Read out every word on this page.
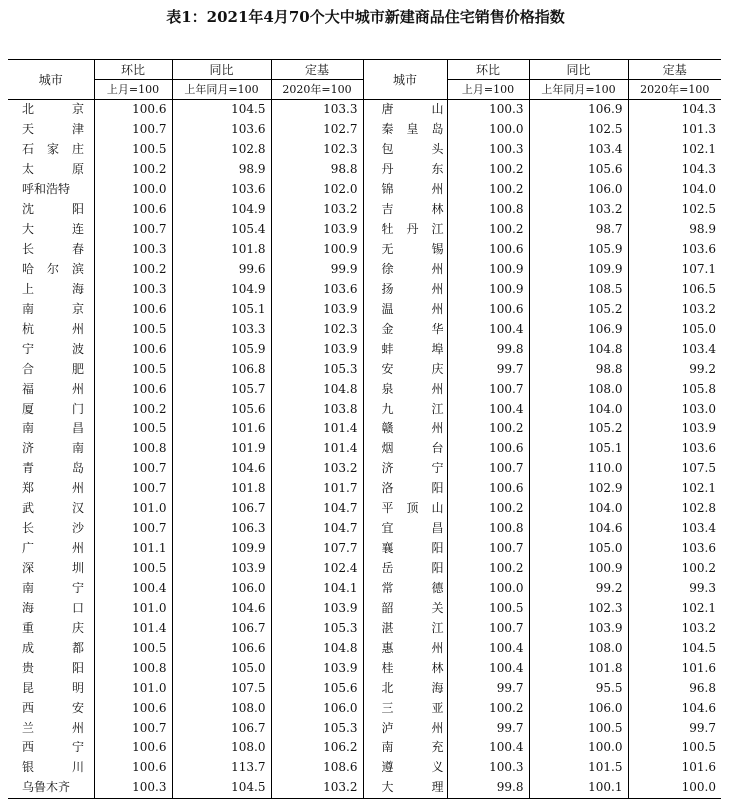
表1：2021年4月70个大中城市新建商品住宅销售价格指数
城市	环比	同比	定基	城市	环比	同比	定基
	上月=100	上年同月=100	2020年=100		上月=100	上年同月=100	2020年=100

北 京	100.6	104.5	103.3	唐 山	100.3	106.9	104.3

天 津	100.7	103.6	102.7	秦 皇 岛	100.0	102.5	101.3

石 家 庄	100.5	102.8	102.3	包 头	100.3	103.4	102.1

太 原	100.2	98.9	98.8	丹 东	100.2	105.6	104.3
呼和浩特	100.0	103.6	102.0	锦 州	100.2	106.0	104.0

沈 阳	100.6	104.9	103.2	吉 林	100.8	103.2	102.5

大 连	100.7	105.4	103.9	牡 丹 江	100.2	98.7	98.9

长 春	100.3	101.8	100.9	无 锡	100.6	105.9	103.6

哈 尔 滨	100.2	99.6	99.9	徐 州	100.9	109.9	107.1

上 海	100.3	104.9	103.6	扬 州	100.9	108.5	106.5

南 京	100.6	105.1	103.9	温 州	100.6	105.2	103.2

杭 州	100.5	103.3	102.3	金 华	100.4	106.9	105.0

宁 波	100.6	105.9	103.9	蚌 埠	99.8	104.8	103.4

合 肥	100.5	106.8	105.3	安 庆	99.7	98.8	99.2

福 州	100.6	105.7	104.8	泉 州	100.7	108.0	105.8

厦 门	100.2	105.6	103.8	九 江	100.4	104.0	103.0

南 昌	100.5	101.6	101.4	赣 州	100.2	105.2	103.9

济 南	100.8	101.9	101.4	烟 台	100.6	105.1	103.6

青 岛	100.7	104.6	103.2	济 宁	100.7	110.0	107.5

郑 州	100.7	101.8	101.7	洛 阳	100.6	102.9	102.1

武 汉	101.0	106.7	104.7	平 顶 山	100.2	104.0	102.8

长 沙	100.7	106.3	104.7	宜 昌	100.8	104.6	103.4

广 州	101.1	109.9	107.7	襄 阳	100.7	105.0	103.6

深 圳	100.5	103.9	102.4	岳 阳	100.2	100.9	100.2

南 宁	100.4	106.0	104.1	常 德	100.0	99.2	99.3

海 口	101.0	104.6	103.9	韶 关	100.5	102.3	102.1

重 庆	101.4	106.7	105.3	湛 江	100.7	103.9	103.2

成 都	100.5	106.6	104.8	惠 州	100.4	108.0	104.5

贵 阳	100.8	105.0	103.9	桂 林	100.4	101.8	101.6

昆 明	101.0	107.5	105.6	北 海	99.7	95.5	96.8

西 安	100.6	108.0	106.0	三 亚	100.2	106.0	104.6

兰 州	100.7	106.7	105.3	泸 州	99.7	100.5	99.7

西 宁	100.6	108.0	106.2	南 充	100.4	100.0	100.5

银 川	100.6	113.7	108.6	遵 义	100.3	101.5	101.6
乌鲁木齐	100.3	104.5	103.2	大 理	99.8	100.1	100.0
